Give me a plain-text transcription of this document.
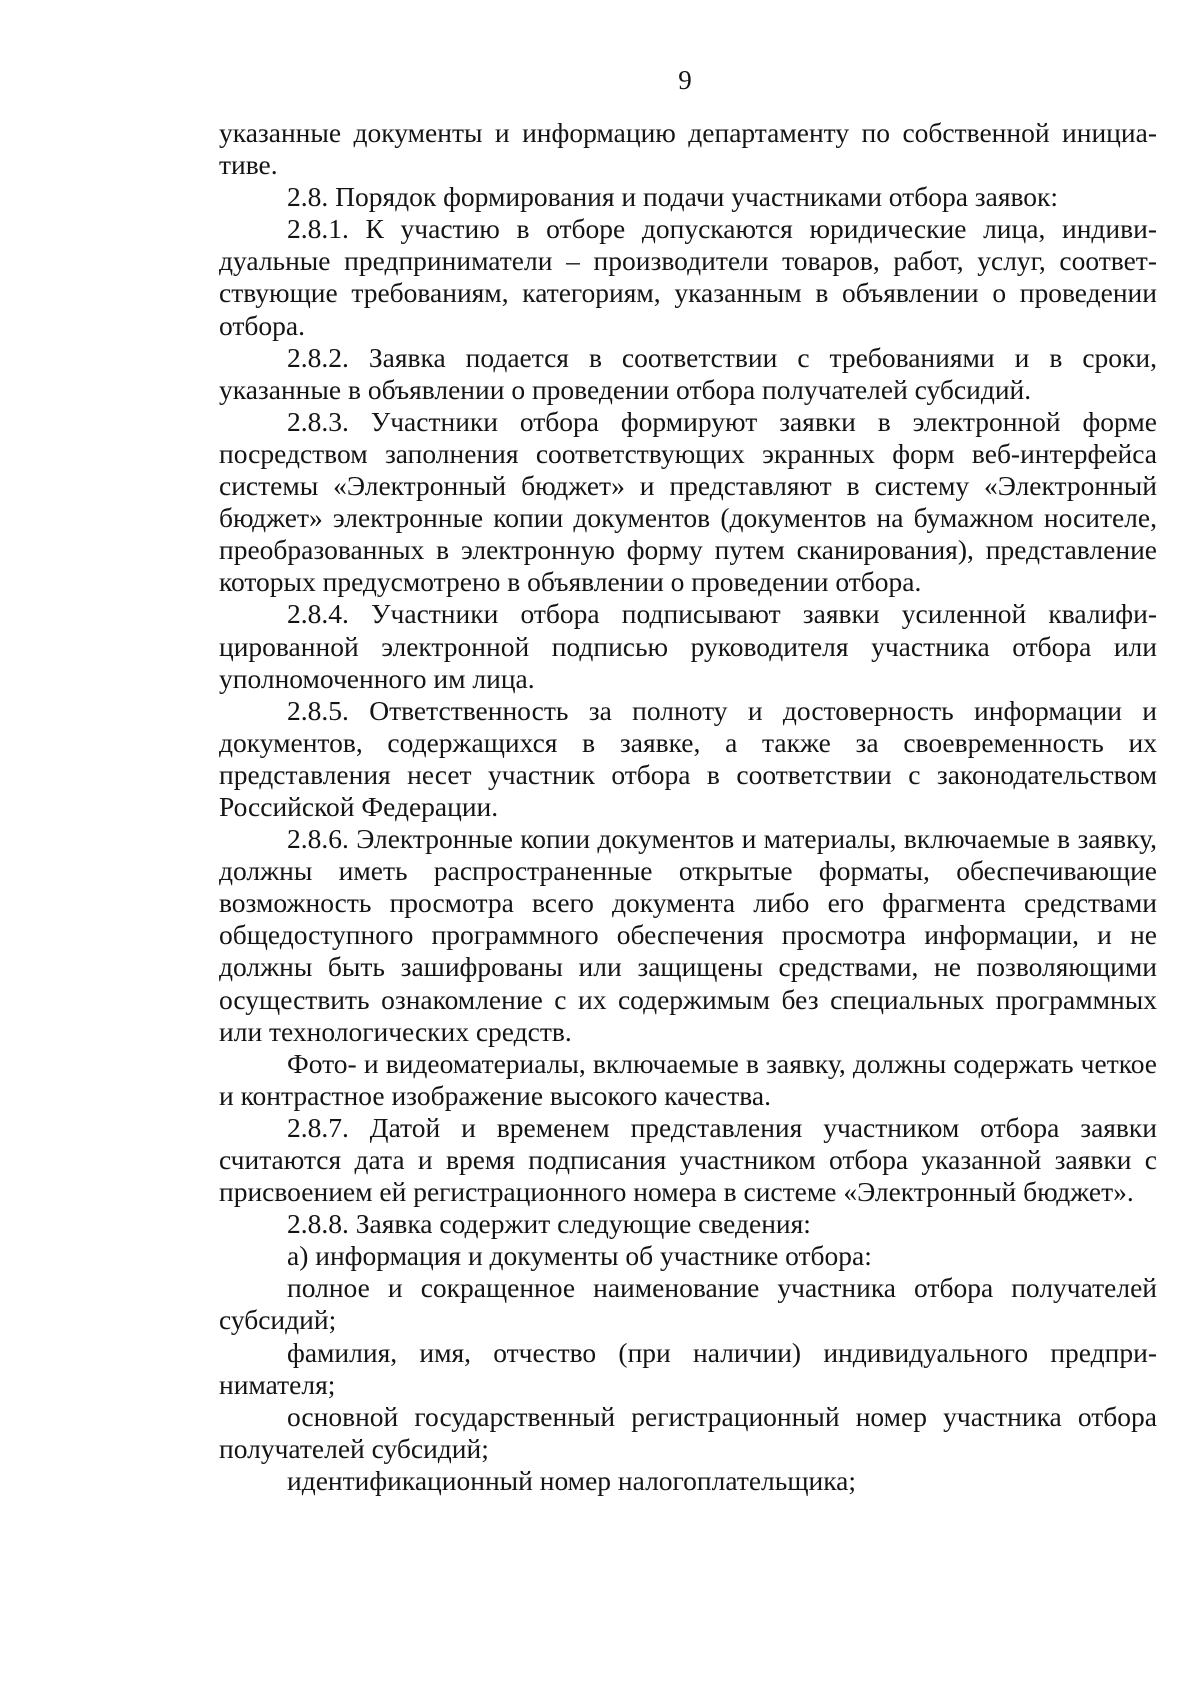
9

указанные документы и информацию департаменту по собственной инициативе.

2.8. Порядок формирования и подачи участниками отбора заявок:

2.8.1. К участию в отборе допускаются юридические лица, индивидуальные предприниматели – производители товаров, работ, услуг, соответствующие требованиям, категориям, указанным в объявлении о проведении отбора.

2.8.2. Заявка подается в соответствии с требованиями и в сроки, указанные в объявлении о проведении отбора получателей субсидий.

2.8.3. Участники отбора формируют заявки в электронной форме посредством заполнения соответствующих экранных форм веб-интерфейса системы «Электронный бюджет» и представляют в систему «Электронный бюджет» электронные копии документов (документов на бумажном носителе, преобразованных в электронную форму путем сканирования), представление которых предусмотрено в объявлении о проведении отбора.

2.8.4. Участники отбора подписывают заявки усиленной квалифицированной электронной подписью руководителя участника отбора или уполномоченного им лица.

2.8.5. Ответственность за полноту и достоверность информации и документов, содержащихся в заявке, а также за своевременность их представления несет участник отбора в соответствии с законодательством Российской Федерации.

2.8.6. Электронные копии документов и материалы, включаемые в заявку, должны иметь распространенные открытые форматы, обеспечивающие возможность просмотра всего документа либо его фрагмента средствами общедоступного программного обеспечения просмотра информации, и не должны быть зашифрованы или защищены средствами, не позволяющими осуществить ознакомление с их содержимым без специальных программных или технологических средств.

Фото- и видеоматериалы, включаемые в заявку, должны содержать четкое и контрастное изображение высокого качества.

2.8.7. Датой и временем представления участником отбора заявки считаются дата и время подписания участником отбора указанной заявки с присвоением ей регистрационного номера в системе «Электронный бюджет».

2.8.8. Заявка содержит следующие сведения:

а) информация и документы об участнике отбора:

полное и сокращенное наименование участника отбора получателей субсидий;

фамилия, имя, отчество (при наличии) индивидуального предпринимателя;

основной государственный регистрационный номер участника отбора получателей субсидий;

идентификационный номер налогоплательщика;
